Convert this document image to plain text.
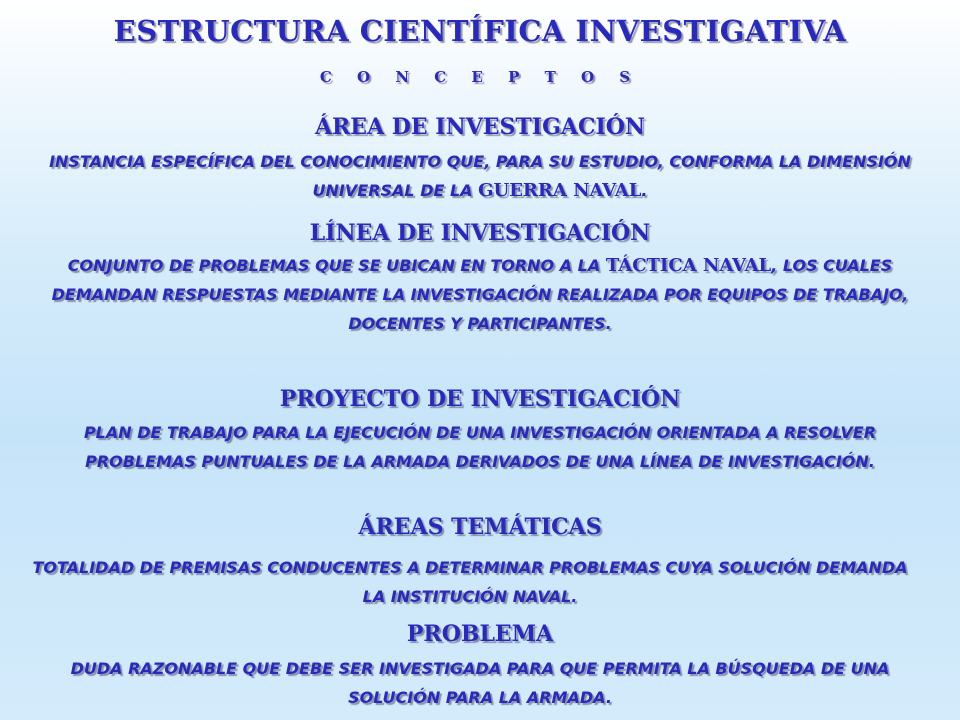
ESTRUCTURA CIENTÍFICA INVESTIGATIVA
C O N C E P T O S
ÁREA DE INVESTIGACIÓN
INSTANCIA ESPECÍFICA DEL CONOCIMIENTO QUE, PARA SU ESTUDIO, CONFORMA LA DIMENSIÓN UNIVERSAL DE LA GUERRA NAVAL.
LÍNEA DE INVESTIGACIÓN
CONJUNTO DE PROBLEMAS QUE SE UBICAN EN TORNO A LA TÁCTICA NAVAL, LOS CUALES DEMANDAN RESPUESTAS MEDIANTE LA INVESTIGACIÓN REALIZADA POR EQUIPOS DE TRABAJO, DOCENTES Y PARTICIPANTES.
PROYECTO DE INVESTIGACIÓN
PLAN DE TRABAJO PARA LA EJECUCIÓN DE UNA INVESTIGACIÓN ORIENTADA A RESOLVER PROBLEMAS PUNTUALES DE LA ARMADA DERIVADOS DE UNA LÍNEA DE INVESTIGACIÓN.
ÁREAS TEMÁTICAS
TOTALIDAD DE PREMISAS CONDUCENTES A DETERMINAR PROBLEMAS CUYA SOLUCIÓN DEMANDA LA INSTITUCIÓN NAVAL.
PROBLEMA
DUDA RAZONABLE QUE DEBE SER INVESTIGADA PARA QUE PERMITA LA BÚSQUEDA DE UNA SOLUCIÓN PARA LA ARMADA.
